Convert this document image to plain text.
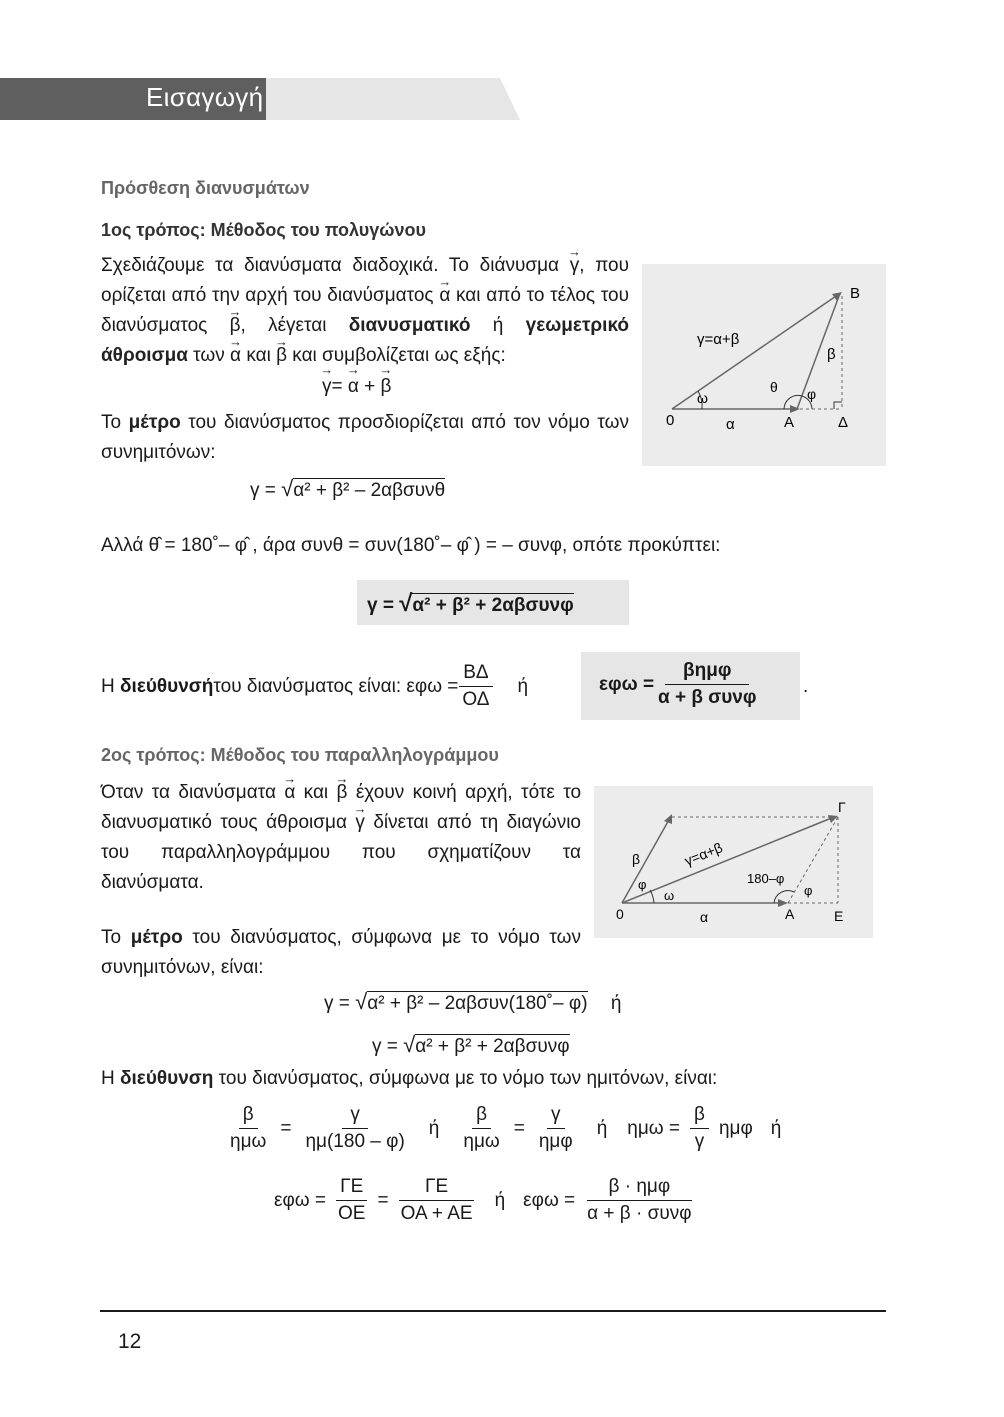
Εισαγωγή
Πρόσθεση διανυσμάτων
1ος τρόπος: Μέθοδος του πολυγώνου
Σχεδιάζουμε τα διανύσματα διαδοχικά. Το διάνυσμα → γ, που ορίζεται από την αρχή του διανύσματος → α και από το τέλος του διανύσματος → β, λέγεται διανυσματικό ή γεωμετρικό άθροισμα των → α και → β και συμβολίζεται ως εξής:
→ γ= → α + → β
Το μέτρο του διανύσματος προσδιορίζεται από τον νόμο των συνημιτόνων:
γ = √α² + β² – 2αβσυνθ
0	Α	Δ
Β
α
β
γ=α+β
ω
θ φ
Αλλά θ̂ = 180˚– φ̂ , άρα συνθ = συν(180˚– φ̂ ) = – συνφ, οπότε προκύπτει:
γ = √α² + β² + 2αβσυνφ
Η
διεύθυνσή του διανύσματος είναι: $\varepsilon\varphi\omega = \frac{B\Delta}{O\Delta}$ ή	$\varepsilon\varphi\omega = \frac{\text{βημφ}}{\text{α + β συνφ}}$ .
2ος τρόπος: Μέθοδος του παραλληλογράμμου
Όταν τα διανύσματα → α και → β έχουν κοινή αρχή, τότε το διανυσματικό τους άθροισμα → γ δίνεται από τη διαγώνιο του παραλληλογράμμου που σχηματίζουν τα διανύσματα.
0	Α	Ε
Γ
α
β	γ=α+β
ω
φ	φ
180–φ
Το μέτρο του διανύσματος, σύμφωνα με το νόμο των συνημιτόνων, είναι:
γ = √α² + β² – 2αβσυν(180˚– φ) ή
γ = √α² + β² + 2αβσυνφ
Η διεύθυνση του διανύσματος, σύμφωνα με το νόμο των ημιτόνων, είναι:
$\frac{\beta}{\text{ημω}} = \frac{\gamma}{\eta\mu(180 - \varphi)}$ ή $\frac{\beta}{\text{ημω}} = \frac{\gamma}{\text{ημφ}}$ ή $\eta\mu\omega = \frac{\beta}{\gamma}$ ημφ ή
$\varepsilon\varphi\omega = \frac{\Gamma E}{OE} = \frac{\Gamma E}{OA + AE}$ ή $\varepsilon\varphi\omega = \frac{\text{β · ημφ}}{\text{α + β · συνφ}}$
12
